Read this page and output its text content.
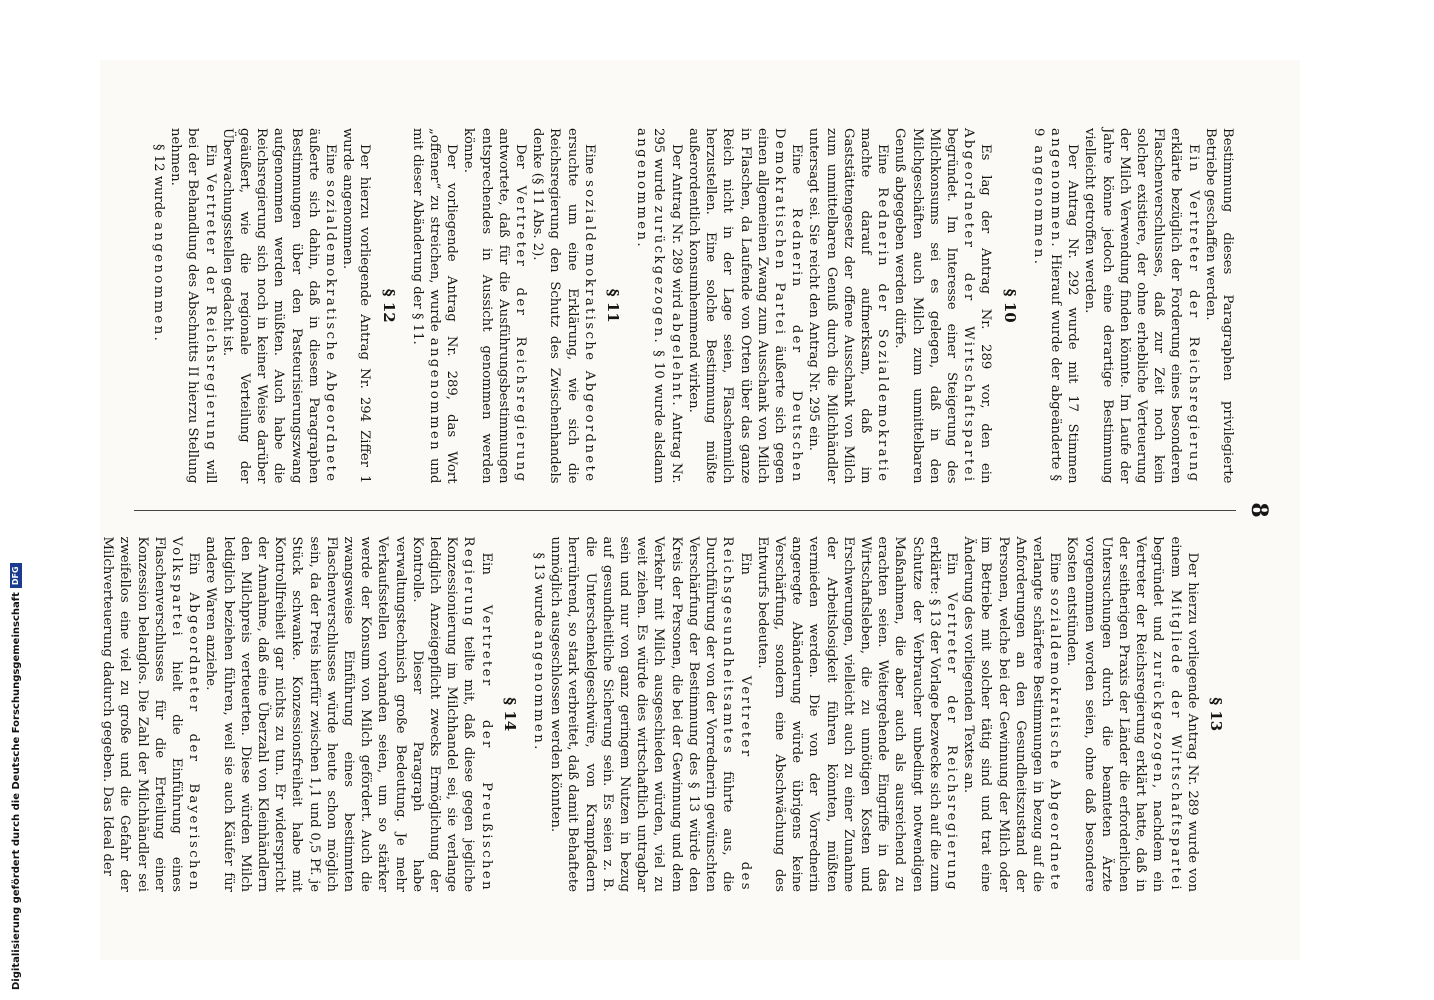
Digitalisierung gefördert durch die Deutsche Forschungsgemeinschaft
DFG
8

Bestimmung dieses Paragraphen privilegierte Betriebe geschaffen werden.

Ein Vertreter der Reichsregierung erklärte bezüglich der Forderung eines besonderen Flaschenverschlusses, daß zur Zeit noch kein solcher existiere, der ohne erhebliche Verteuerung der Milch Verwendung finden könnte. Im Laufe der Jahre könne jedoch eine derartige Bestimmung vielleicht getroffen werden.

Der Antrag Nr. 292 wurde mit 17 Stimmen angenommen. Hierauf wurde der abgeänderte § 9 angenommen.

§ 10

Es lag der Antrag Nr. 289 vor, den ein Abgeordneter der Wirtschaftspartei begründet. Im Interesse einer Steigerung des Milchkonsums sei es gelegen, daß in den Milchgeschäften auch Milch zum unmittelbaren Genuß abgegeben werden dürfe.

Eine Rednerin der Sozialdemokratie machte darauf aufmerksam, daß im Gaststättengesetz der offene Ausschank von Milch zum unmittelbaren Genuß durch die Milchhändler untersagt sei. Sie reicht den Antrag Nr. 295 ein.

Eine Rednerin der Deutschen Demokratischen Partei äußerte sich gegen einen allgemeinen Zwang zum Ausschank von Milch in Flaschen, da Laufende von Orten über das ganze Reich nicht in der Lage seien, Flaschenmilch herzustellen. Eine solche Bestimmung müßte außerordentlich konsumhemmend wirken.

Der Antrag Nr. 289 wird abgelehnt. Antrag Nr. 295 wurde zurückgezogen. § 10 wurde alsdann angenommen.

§ 11

Eine sozialdemokratische Abgeordnete ersuchte um eine Erklärung, wie sich die Reichsregierung den Schutz des Zwischenhandels denke (§ 11 Abs. 2).

Der Vertreter der Reichsregierung antwortete, daß für die Ausführungsbestimmungen entsprechendes in Aussicht genommen werden könne.

Der vorliegende Antrag Nr. 289, das Wort „offener“ zu streichen, wurde angenommen und mit dieser Abänderung der § 11.

§ 12

Der hierzu vorliegende Antrag Nr. 294 Ziffer 1 wurde angenommen.

Eine sozialdemokratische Abgeordnete äußerte sich dahin, daß in diesem Paragraphen Bestimmungen über den Pasteurisierungszwang aufgenommen werden müßten. Auch habe die Reichsregierung sich noch in keiner Weise darüber geäußert, wie die regionale Verteilung der Überwachungsstellen gedacht ist.

Ein Vertreter der Reichsregierung will bei der Behandlung des Abschnitts II hierzu Stellung nehmen.

§ 12 wurde angenommen.

§ 13

Der hierzu vorliegende Antrag Nr. 289 wurde von einem Mitgliede der Wirtschaftspartei begründet und zurückgezogen, nachdem ein Vertreter der Reichsregierung erklärt hatte, daß in der seitherigen Praxis der Länder die erforderlichen Untersuchungen durch die beamteten Ärzte vorgenommen worden seien, ohne daß besondere Kosten entstünden.

Eine sozialdemokratische Abgeordnete verlangte schärfere Bestimmungen in bezug auf die Anforderungen an den Gesundheitszustand der Personen, welche bei der Gewinnung der Milch oder im Betriebe mit solcher tätig sind und trat eine Änderung des vorliegenden Textes an.

Ein Vertreter der Reichsregierung erklärte: § 13 der Vorlage bezwecke sich auf die zum Schutze der Verbraucher unbedingt notwendigen Maßnahmen, die aber auch als ausreichend zu erachten seien. Weitergehende Eingriffe in das Wirtschaftsleben, die zu unnötigen Kosten und Erschwerungen, vielleicht auch zu einer Zunahme der Arbeitslosigkeit führen könnten, müßten vermieden werden. Die von der Vorrednerin angeregte Abänderung würde übrigens keine Verschärfung, sondern eine Abschwächung des Entwurfs bedeuten.

Ein Vertreter des Reichsgesundheitsamtes führte aus, die Durchführung der von der Vorrednerin gewünschten Verschärfung der Bestimmung des § 13 würde den Kreis der Personen, die bei der Gewinnung und dem Verkehr mit Milch ausgeschieden würden, viel zu weit ziehen. Es würde dies wirtschaftlich untragbar sein und nur von ganz geringem Nutzen in bezug auf gesundheitliche Sicherung sein. Es seien z. B. die Unterschenkelgeschwüre, von Krampfadern herrührend, so stark verbreitet, daß damit Behaftete unmöglich ausgeschlossen werden könnten.

§ 13 wurde angenommen.

§ 14

Ein Vertreter der Preußischen Regierung teilte mit, daß diese gegen jegliche Konzessionierung im Milchhandel sei, sie verlange lediglich Anzeigepflicht zwecks Ermöglichung der Kontrolle. Dieser Paragraph habe verwaltungstechnisch große Bedeutung. Je mehr Verkaufsstellen vorhanden seien, um so stärker werde der Konsum von Milch gefördert. Auch die zwangsweise Einführung eines bestimmten Flaschenverschlusses würde heute schon möglich sein, da der Preis hierfür zwischen 1,1 und 0,5 Pf. je Stück schwanke. Konzessionsfreiheit habe mit Kontrollfreiheit gar nichts zu tun. Er widerspricht der Annahme, daß eine Überzahl von Kleinhändlern den Milchpreis verteuerten. Diese würden Milch lediglich beziehen führen, weil sie auch Käufer für andere Waren anziehe.

Ein Abgeordneter der Bayerischen Volkspartei hielt die Einführung eines Flaschenverschlusses für die Erteilung einer Konzession belanglos. Die Zahl der Milchhändler sei zweifellos eine viel zu große und die Gefahr der Milchverteuerung dadurch gegeben. Das Ideal der
